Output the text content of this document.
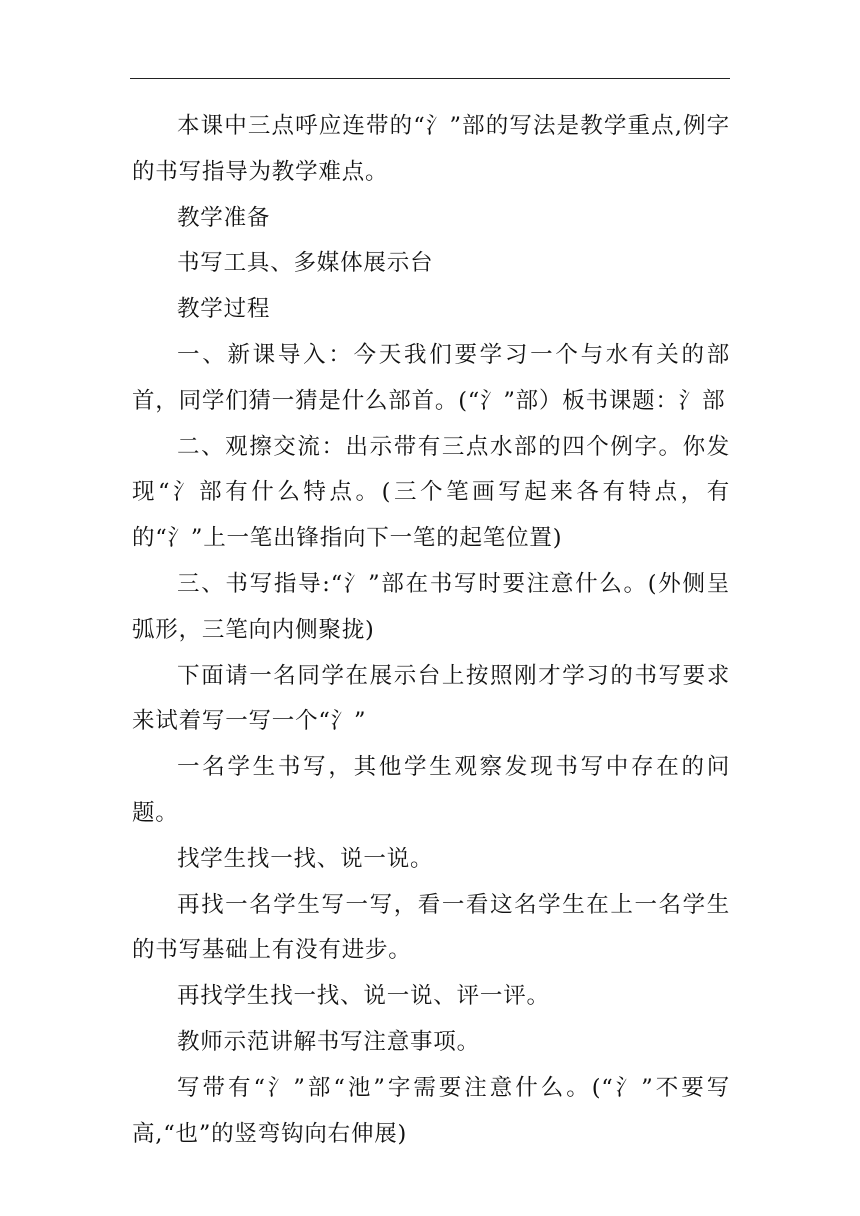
本课中三点呼应连带的“氵”部的写法是教学重点,例字的书写指导为教学难点。

教学准备

书写工具、多媒体展示台

教学过程

一、新课导入：今天我们要学习一个与水有关的部首，同学们猜一猜是什么部首。(“氵”部）板书课题：氵部

二、观擦交流：出示带有三点水部的四个例字。你发现“氵部有什么特点。(三个笔画写起来各有特点，有的“氵”上一笔出锋指向下一笔的起笔位置)

三、书写指导:“氵”部在书写时要注意什么。(外侧呈弧形，三笔向内侧聚拢)

下面请一名同学在展示台上按照刚才学习的书写要求来试着写一写一个“氵”

一名学生书写，其他学生观察发现书写中存在的问题。

找学生找一找、说一说。

再找一名学生写一写，看一看这名学生在上一名学生的书写基础上有没有进步。

再找学生找一找、说一说、评一评。

教师示范讲解书写注意事项。

写带有“氵”部“池”字需要注意什么。(“氵”不要写高,“也”的竖弯钩向右伸展)
